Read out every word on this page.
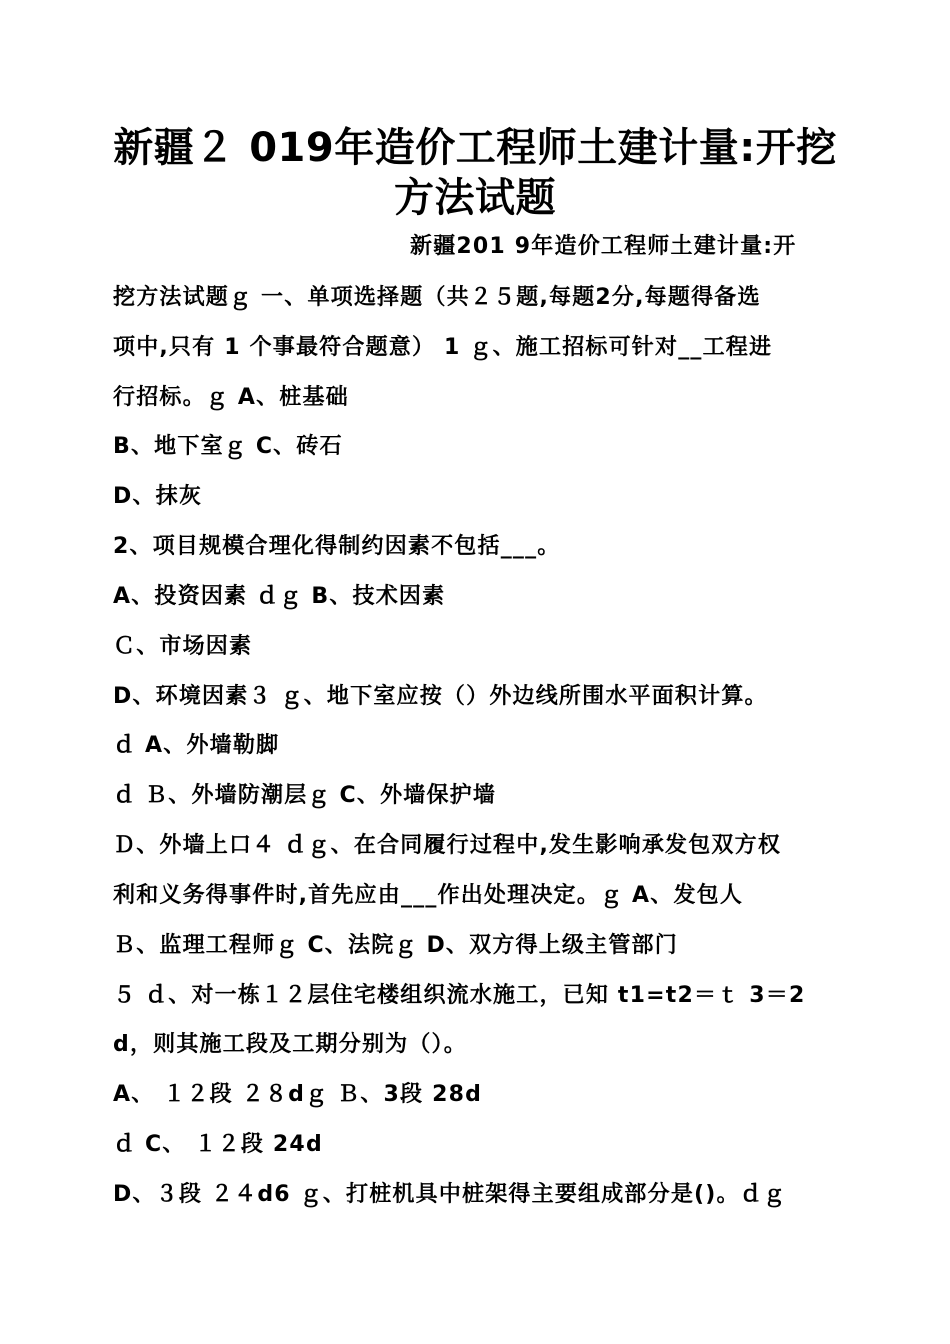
新疆２ 019年造价工程师土建计量:开挖
方法试题
新疆201 9年造价工程师土建计量:开
挖方法试题ｇ 一、单项选择题（共２５题,每题2分,每题得备选
项中,只有 1 个事最符合题意） 1 ｇ、施工招标可针对__工程进
行招标。ｇ A、桩基础
B、地下室ｇ C、砖石
D、抹灰
2、项目规模合理化得制约因素不包括___。
A、投资因素 ｄｇ B、技术因素
Ｃ、市场因素
D、环境因素３ ｇ、地下室应按（）外边线所围水平面积计算。
ｄ A、外墙勒脚
ｄ Ｂ、外墙防潮层ｇ C、外墙保护墙
Ｄ、外墙上口４ ｄｇ、在合同履行过程中,发生影响承发包双方权
利和义务得事件时,首先应由___作出处理决定。ｇ A、发包人
Ｂ、监理工程师ｇ C、法院ｇ D、双方得上级主管部门
５ ｄ、对一栋１２层住宅楼组织流水施工，已知 t1=t2＝ｔ 3＝2
d，则其施工段及工期分别为（）。
A、 １２段 ２８dｇ Ｂ、3段 28d
ｄ C、 １２段 24d
D、３段 ２４d6 ｇ、打桩机具中桩架得主要组成部分是()。ｄｇ
